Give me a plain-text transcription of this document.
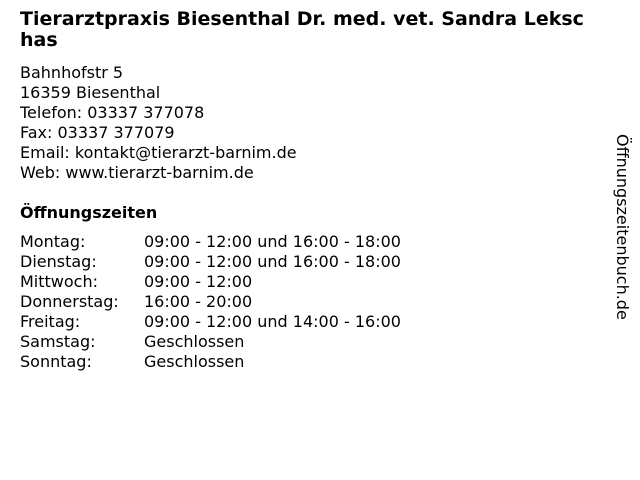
Tierarztpraxis Biesenthal Dr. med. vet. Sandra Lekschas
Bahnhofstr 5
16359 Biesenthal
Telefon: 03337 377078
Fax: 03337 377079
Email: kontakt@tierarzt-barnim.de
Web: www.tierarzt-barnim.de
Öffnungszeiten
Montag:	09:00 - 12:00 und 16:00 - 18:00
Dienstag:	09:00 - 12:00 und 16:00 - 18:00
Mittwoch:	09:00 - 12:00
Donnerstag:	16:00 - 20:00
Freitag:	09:00 - 12:00 und 14:00 - 16:00
Samstag:	Geschlossen
Sonntag:	Geschlossen
Öffnungszeitenbuch.de
